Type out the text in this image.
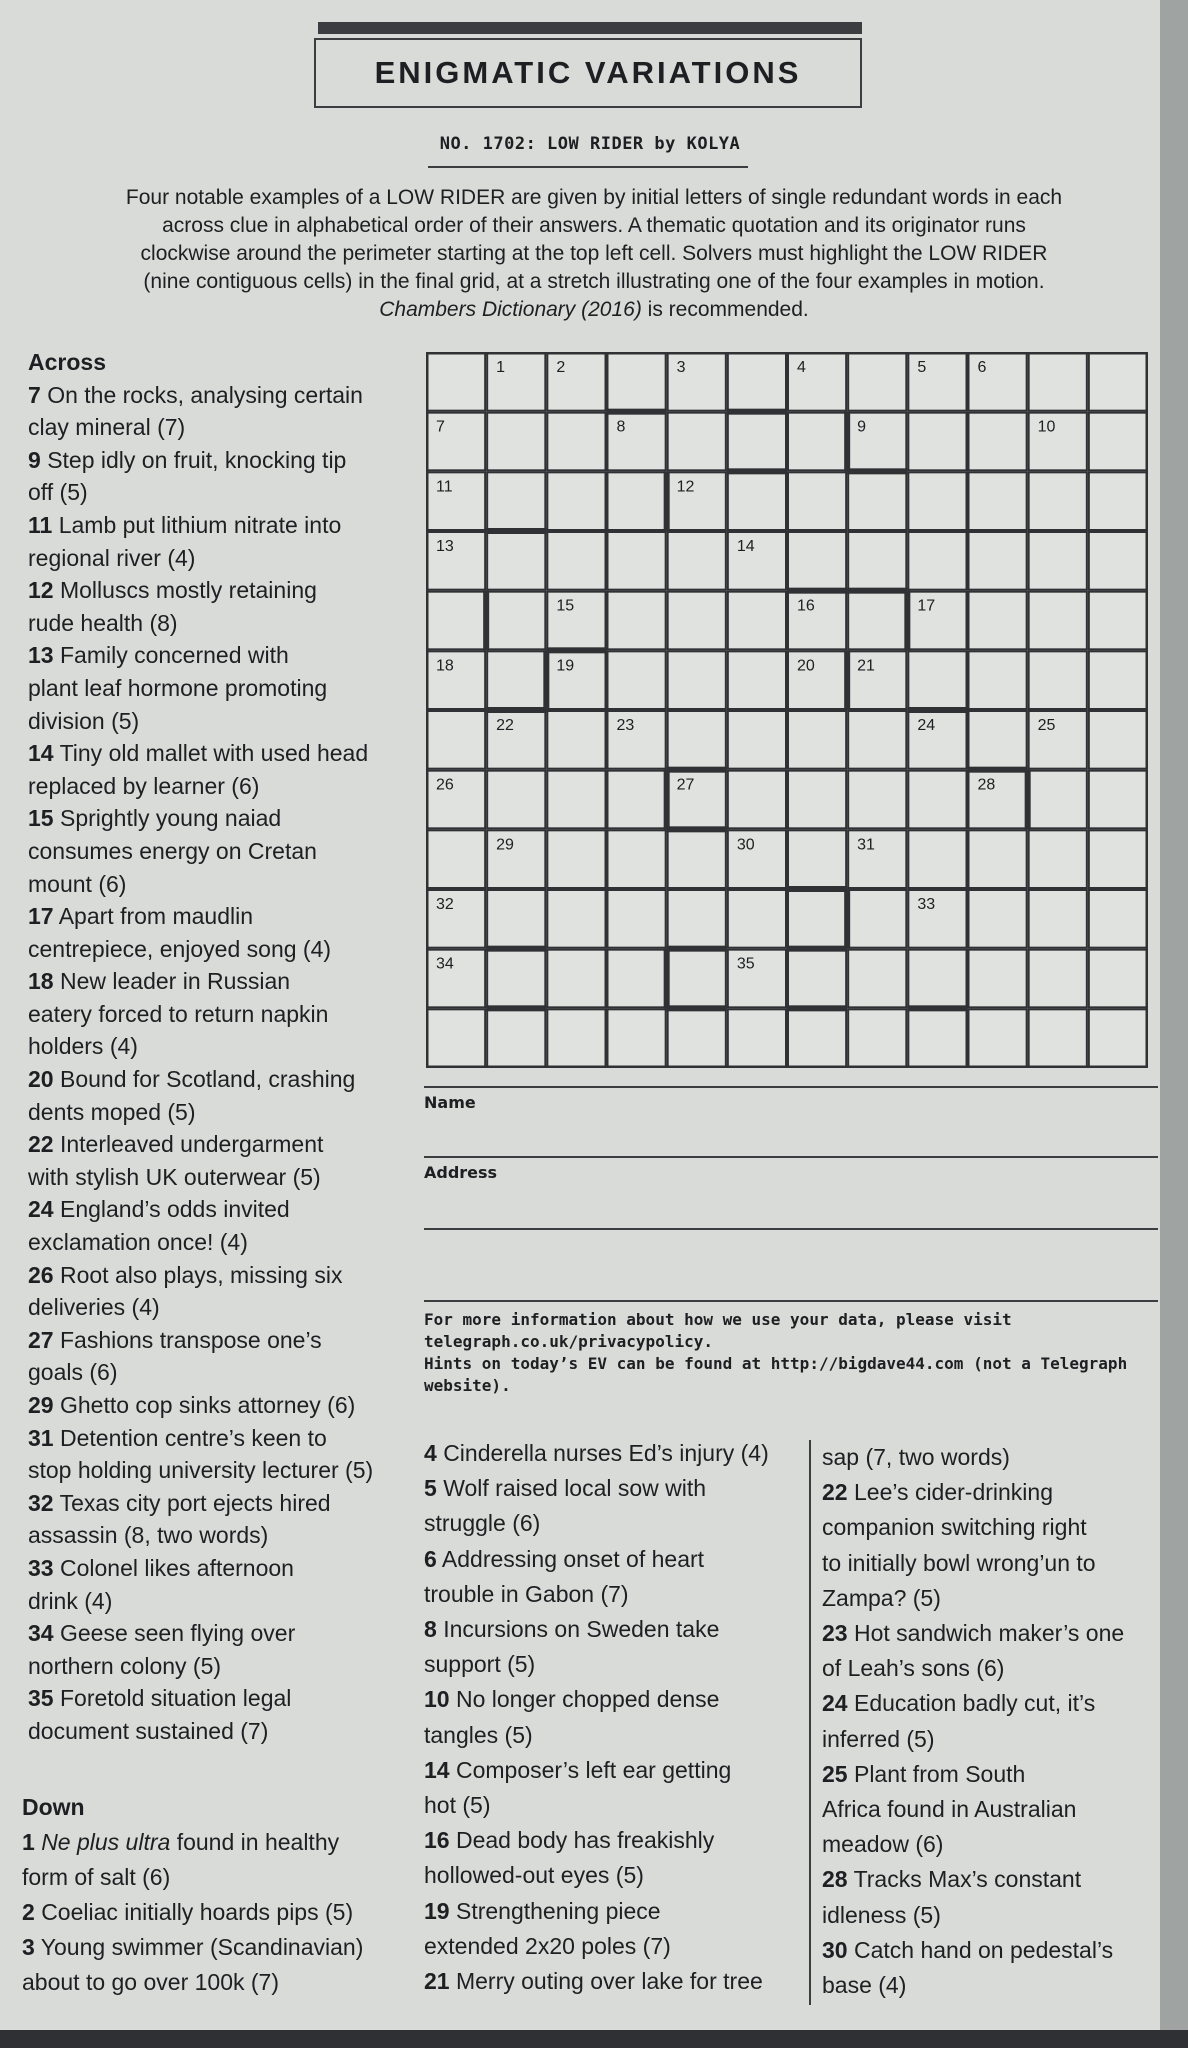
ENIGMATIC VARIATIONS
NO. 1702: LOW RIDER by KOLYA
Four notable examples of a LOW RIDER are given by initial letters of single redundant words in each
across clue in alphabetical order of their answers. A thematic quotation and its originator runs
clockwise around the perimeter starting at the top left cell. Solvers must highlight the LOW RIDER
(nine contiguous cells) in the final grid, at a stretch illustrating one of the four examples in motion.
Chambers Dictionary (2016) is recommended.
Across
7 On the rocks, analysing certain
clay mineral (7)
9 Step idly on fruit, knocking tip
off (5)
11 Lamb put lithium nitrate into
regional river (4)
12 Molluscs mostly retaining
rude health (8)
13 Family concerned with
plant leaf hormone promoting
division (5)
14 Tiny old mallet with used head
replaced by learner (6)
15 Sprightly young naiad
consumes energy on Cretan
mount (6)
17 Apart from maudlin
centrepiece, enjoyed song (4)
18 New leader in Russian
eatery forced to return napkin
holders (4)
20 Bound for Scotland, crashing
dents moped (5)
22 Interleaved undergarment
with stylish UK outerwear (5)
24 England’s odds invited
exclamation once! (4)
26 Root also plays, missing six
deliveries (4)
27 Fashions transpose one’s
goals (6)
29 Ghetto cop sinks attorney (6)
31 Detention centre’s keen to
stop holding university lecturer (5)
32 Texas city port ejects hired
assassin (8, two words)
33 Colonel likes afternoon
drink (4)
34 Geese seen flying over
northern colony (5)
35 Foretold situation legal
document sustained (7)
1	2	3	4	5	6
7	8	9	10
11	12
13	14
15	16	17
18	19	20	21
22	23	24	25
26	27	28
29	30	31
32	33
34	35
Name
Address
For more information about how we use your data, please visit telegraph.co.uk/privacypolicy.
Hints on today’s EV can be found at http://bigdave44.com (not a Telegraph website).
Down
1 Ne plus ultra found in healthy
form of salt (6)
2 Coeliac initially hoards pips (5)
3 Young swimmer (Scandinavian)
about to go over 100k (7)
4 Cinderella nurses Ed’s injury (4)
5 Wolf raised local sow with
struggle (6)
6 Addressing onset of heart
trouble in Gabon (7)
8 Incursions on Sweden take
support (5)
10 No longer chopped dense
tangles (5)
14 Composer’s left ear getting
hot (5)
16 Dead body has freakishly
hollowed-out eyes (5)
19 Strengthening piece
extended 2x20 poles (7)
21 Merry outing over lake for tree
sap (7, two words)
22 Lee’s cider-drinking
companion switching right
to initially bowl wrong’un to
Zampa? (5)
23 Hot sandwich maker’s one
of Leah’s sons (6)
24 Education badly cut, it’s
inferred (5)
25 Plant from South
Africa found in Australian
meadow (6)
28 Tracks Max’s constant
idleness (5)
30 Catch hand on pedestal’s
base (4)
